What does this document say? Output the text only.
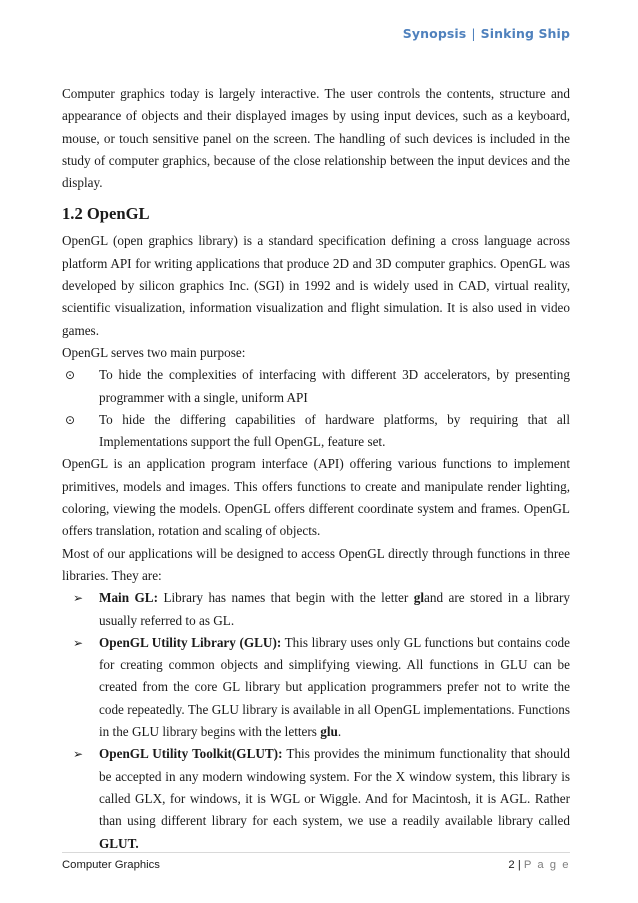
Synopsis | Sinking Ship

Computer graphics today is largely interactive. The user controls the contents, structure and appearance of objects and their displayed images by using input devices, such as a keyboard, mouse, or touch sensitive panel on the screen. The handling of such devices is included in the study of computer graphics, because of the close relationship between the input devices and the display.

1.2 OpenGL

OpenGL (open graphics library) is a standard specification defining a cross language across platform API for writing applications that produce 2D and 3D computer graphics. OpenGL was developed by silicon graphics Inc. (SGI) in 1992 and is widely used in CAD, virtual reality, scientific visualization, information visualization and flight simulation. It is also used in video games.

OpenGL serves two main purpose:

⊙ To hide the complexities of interfacing with different 3D accelerators, by presenting programmer with a single, uniform API
⊙ To hide the differing capabilities of hardware platforms, by requiring that all Implementations support the full OpenGL, feature set.

OpenGL is an application program interface (API) offering various functions to implement primitives, models and images. This offers functions to create and manipulate render lighting, coloring, viewing the models. OpenGL offers different coordinate system and frames. OpenGL offers translation, rotation and scaling of objects.

Most of our applications will be designed to access OpenGL directly through functions in three libraries. They are:

➢ Main GL: Library has names that begin with the letter gland are stored in a library usually referred to as GL.
➢ OpenGL Utility Library (GLU): This library uses only GL functions but contains code for creating common objects and simplifying viewing. All functions in GLU can be created from the core GL library but application programmers prefer not to write the code repeatedly. The GLU library is available in all OpenGL implementations. Functions in the GLU library begins with the letters glu.
➢ OpenGL Utility Toolkit(GLUT): This provides the minimum functionality that should be accepted in any modern windowing system. For the X window system, this library is called GLX, for windows, it is WGL or Wiggle. And for Macintosh, it is AGL. Rather than using different library for each system, we use a readily available library called GLUT.
Computer Graphics	2 | P a g e
